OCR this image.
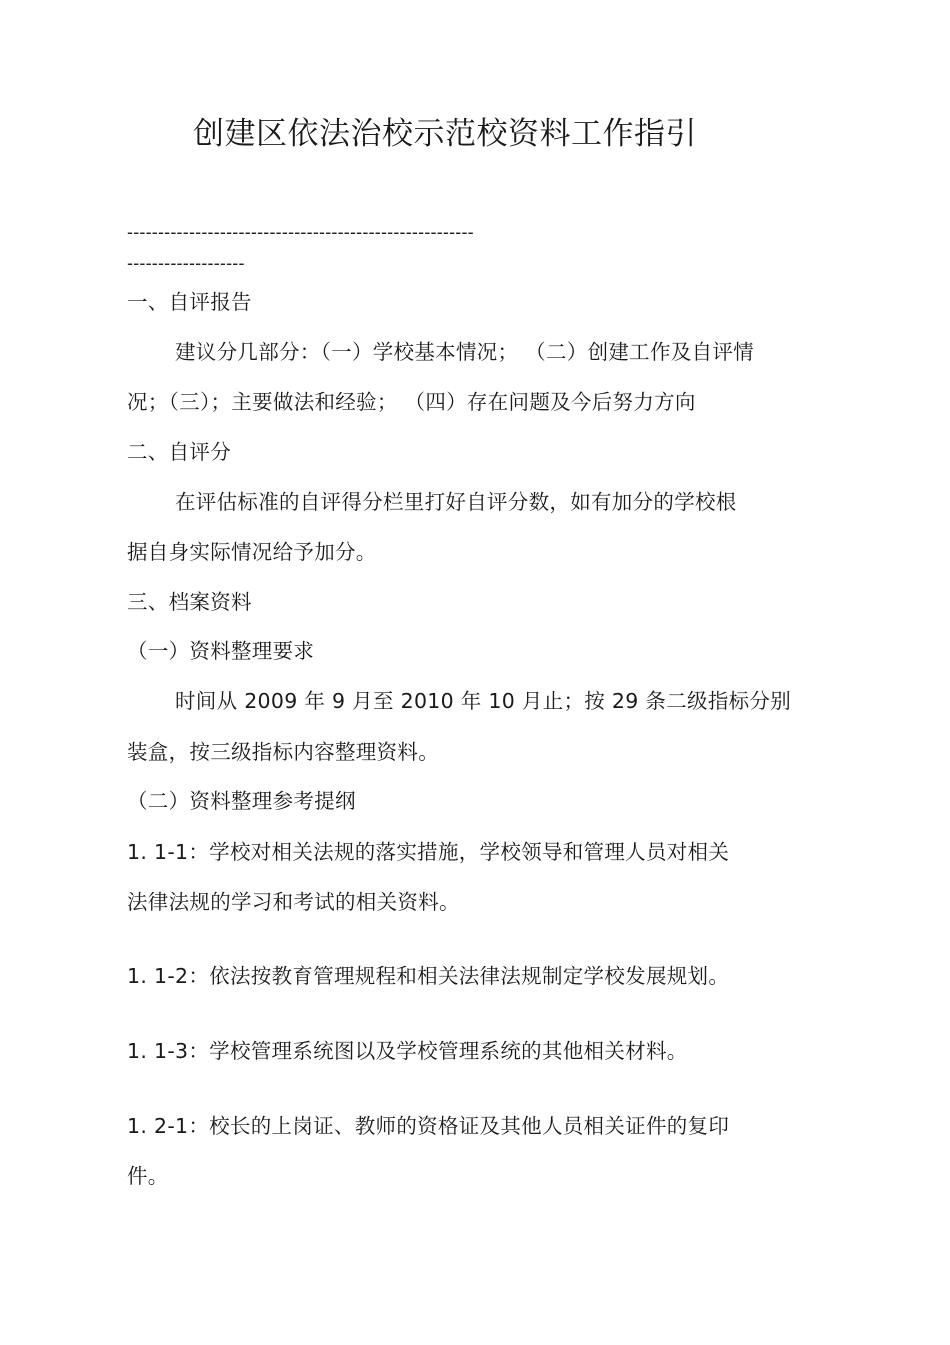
创建区依法治校示范校资料工作指引
--------------------------------------------------------
-------------------
一、自评报告
建议分几部分：（一）学校基本情况； （二）创建工作及自评情
况；（三）；主要做法和经验； （四）存在问题及今后努力方向
二、自评分
在评估标准的自评得分栏里打好自评分数，如有加分的学校根
据自身实际情况给予加分。
三、档案资料
（一）资料整理要求
时间从 2009 年 9 月至 2010 年 10 月止；按 29 条二级指标分别
装盒，按三级指标内容整理资料。
（二）资料整理参考提纲
1. 1-1：学校对相关法规的落实措施，学校领导和管理人员对相关
法律法规的学习和考试的相关资料。
1. 1-2：依法按教育管理规程和相关法律法规制定学校发展规划。
1. 1-3：学校管理系统图以及学校管理系统的其他相关材料。
1. 2-1：校长的上岗证、教师的资格证及其他人员相关证件的复印
件。
